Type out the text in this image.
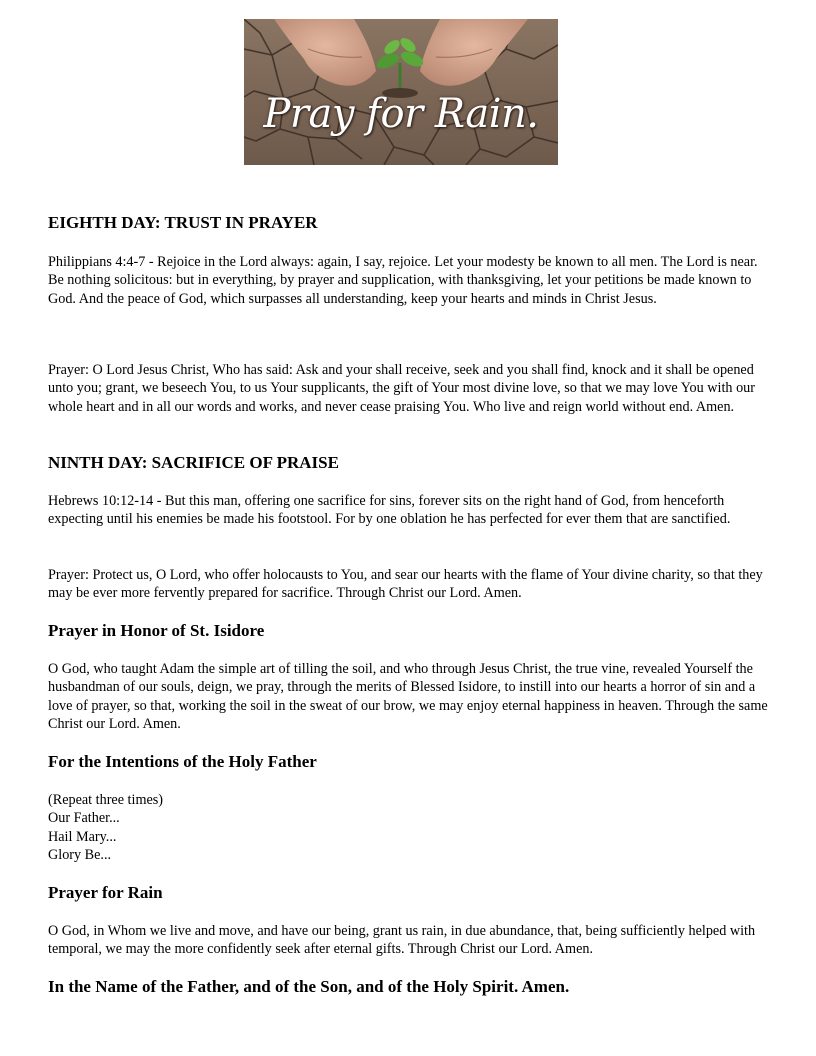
Pray for Rain.
EIGHTH DAY: TRUST IN PRAYER

Philippians 4:4-7 - Rejoice in the Lord always: again, I say, rejoice. Let your modesty be known to all men. The Lord is near. Be nothing solicitous: but in everything, by prayer and supplication, with thanksgiving, let your petitions be made known to God. And the peace of God, which surpasses all understanding, keep your hearts and minds in Christ Jesus.

Prayer: O Lord Jesus Christ, Who has said: Ask and your shall receive, seek and you shall find, knock and it shall be opened unto you; grant, we beseech You, to us Your supplicants, the gift of Your most divine love, so that we may love You with our whole heart and in all our words and works, and never cease praising You. Who live and reign world without end. Amen.

NINTH DAY: SACRIFICE OF PRAISE

Hebrews 10:12-14 - But this man, offering one sacrifice for sins, forever sits on the right hand of God, from henceforth expecting until his enemies be made his footstool. For by one oblation he has perfected for ever them that are sanctified.

Prayer: Protect us, O Lord, who offer holocausts to You, and sear our hearts with the flame of Your divine charity, so that they may be ever more fervently prepared for sacrifice. Through Christ our Lord. Amen.

Prayer in Honor of St. Isidore

O God, who taught Adam the simple art of tilling the soil, and who through Jesus Christ, the true vine, revealed Yourself the husbandman of our souls, deign, we pray, through the merits of Blessed Isidore, to instill into our hearts a horror of sin and a love of prayer, so that, working the soil in the sweat of our brow, we may enjoy eternal happiness in heaven. Through the same Christ our Lord. Amen.

For the Intentions of the Holy Father

(Repeat three times)
Our Father...
Hail Mary...
Glory Be...

Prayer for Rain

O God, in Whom we live and move, and have our being, grant us rain, in due abundance, that, being sufficiently helped with temporal, we may the more confidently seek after eternal gifts. Through Christ our Lord. Amen.

In the Name of the Father, and of the Son, and of the Holy Spirit. Amen.
